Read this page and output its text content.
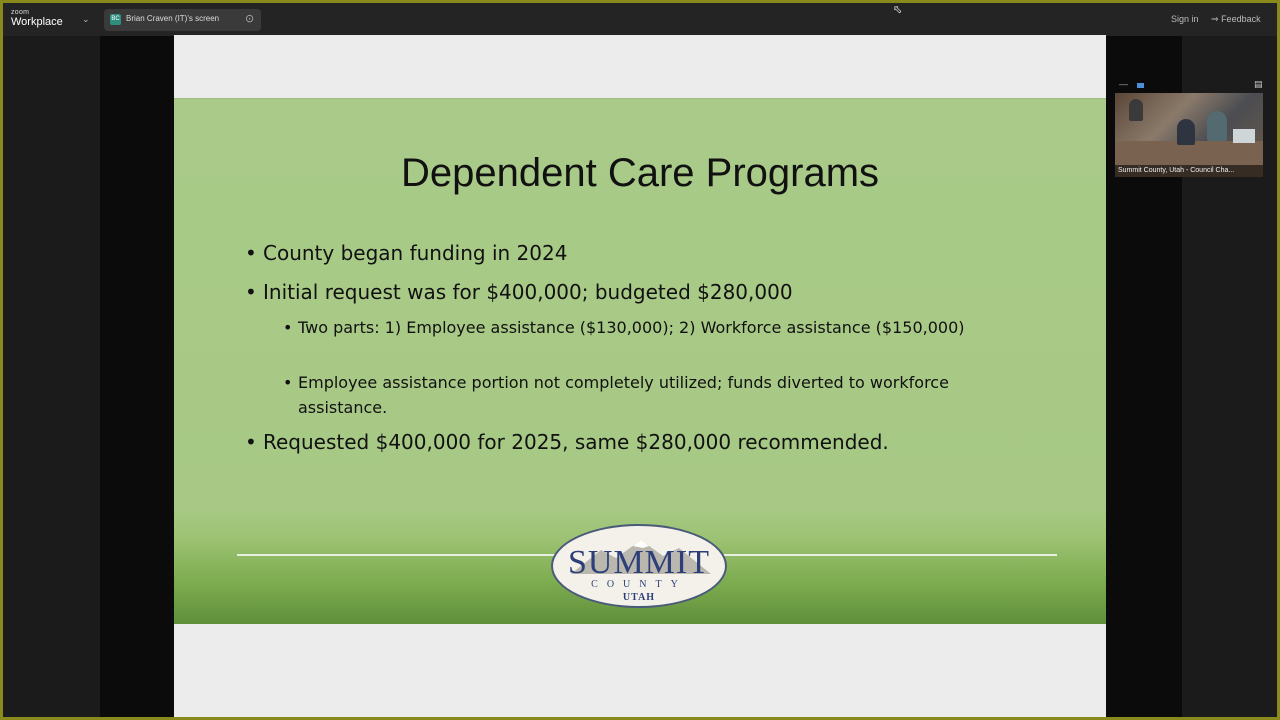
zoom
Workplace ⌄	BC Brian Craven (IT)'s screen ⊙
⬁
Sign in ⇒ Feedback
—	▤
Summit County, Utah - Council Cha...
Dependent Care Programs
• County began funding in 2024
• Initial request was for $400,000; budgeted $280,000
• Two parts: 1) Employee assistance ($130,000); 2) Workforce assistance ($150,000)
• Employee assistance portion not completely utilized; funds diverted to workforce assistance.
• Requested $400,000 for 2025, same $280,000 recommended.
SUMMIT
COUNTY
UTAH
